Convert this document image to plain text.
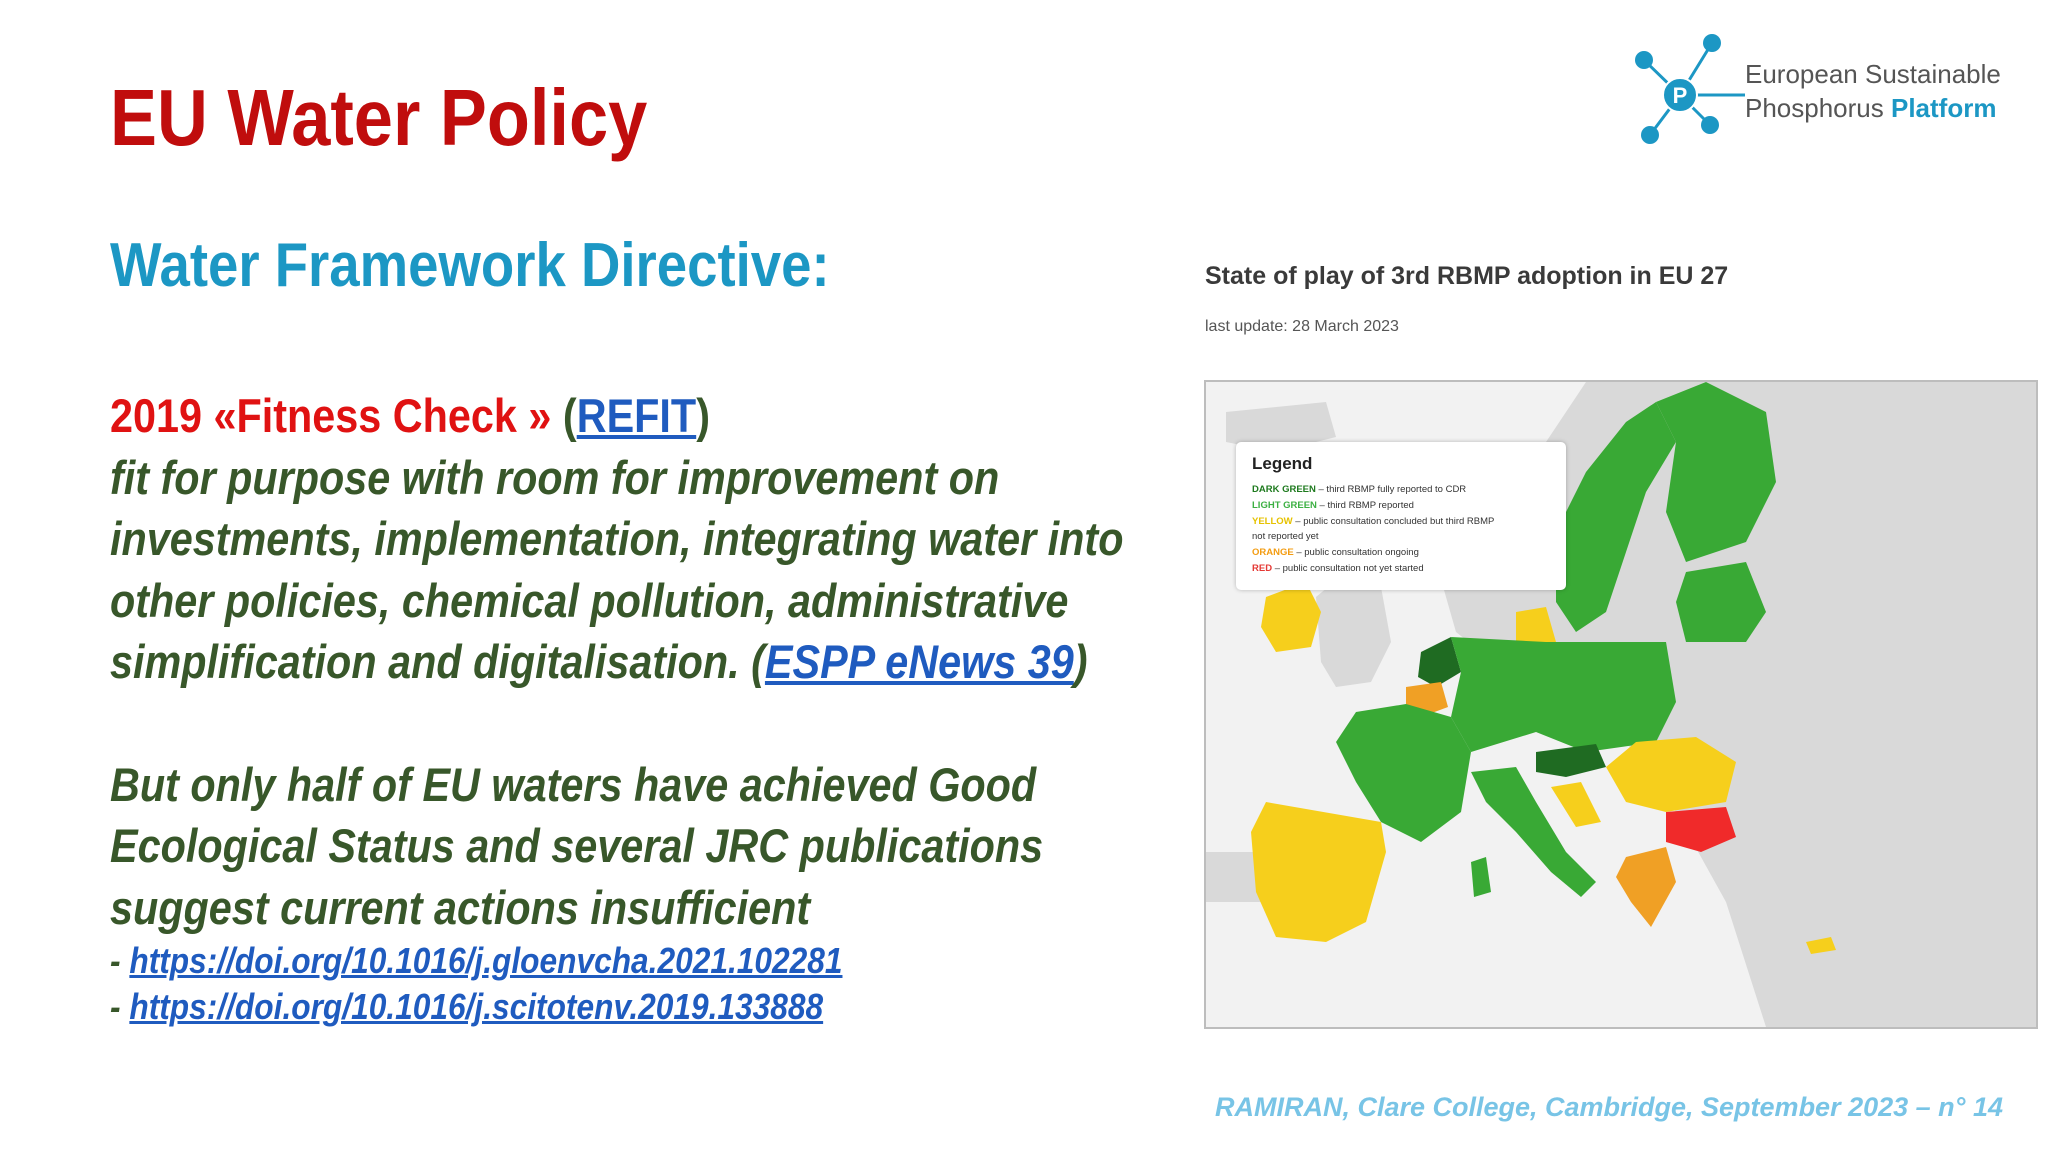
EU Water Policy
Water Framework Directive:
2019 «Fitness Check » (REFIT)
fit for purpose with room for improvement on
investments, implementation, integrating water into
other policies, chemical pollution, administrative
simplification and digitalisation. (ESPP eNews 39)
But only half of EU waters have achieved Good
Ecological Status and several JRC publications
suggest current actions insufficient
- https://doi.org/10.1016/j.gloenvcha.2021.102281
- https://doi.org/10.1016/j.scitotenv.2019.133888
P
European Sustainable
Phosphorus Platform
State of play of 3rd RBMP adoption in EU 27
last update: 28 March 2023
Legend
DARK GREEN – third RBMP fully reported to CDR
LIGHT GREEN – third RBMP reported
YELLOW – public consultation concluded but third RBMP
not reported yet
ORANGE – public consultation ongoing
RED – public consultation not yet started
RAMIRAN, Clare College, Cambridge, September 2023 – n° 14
